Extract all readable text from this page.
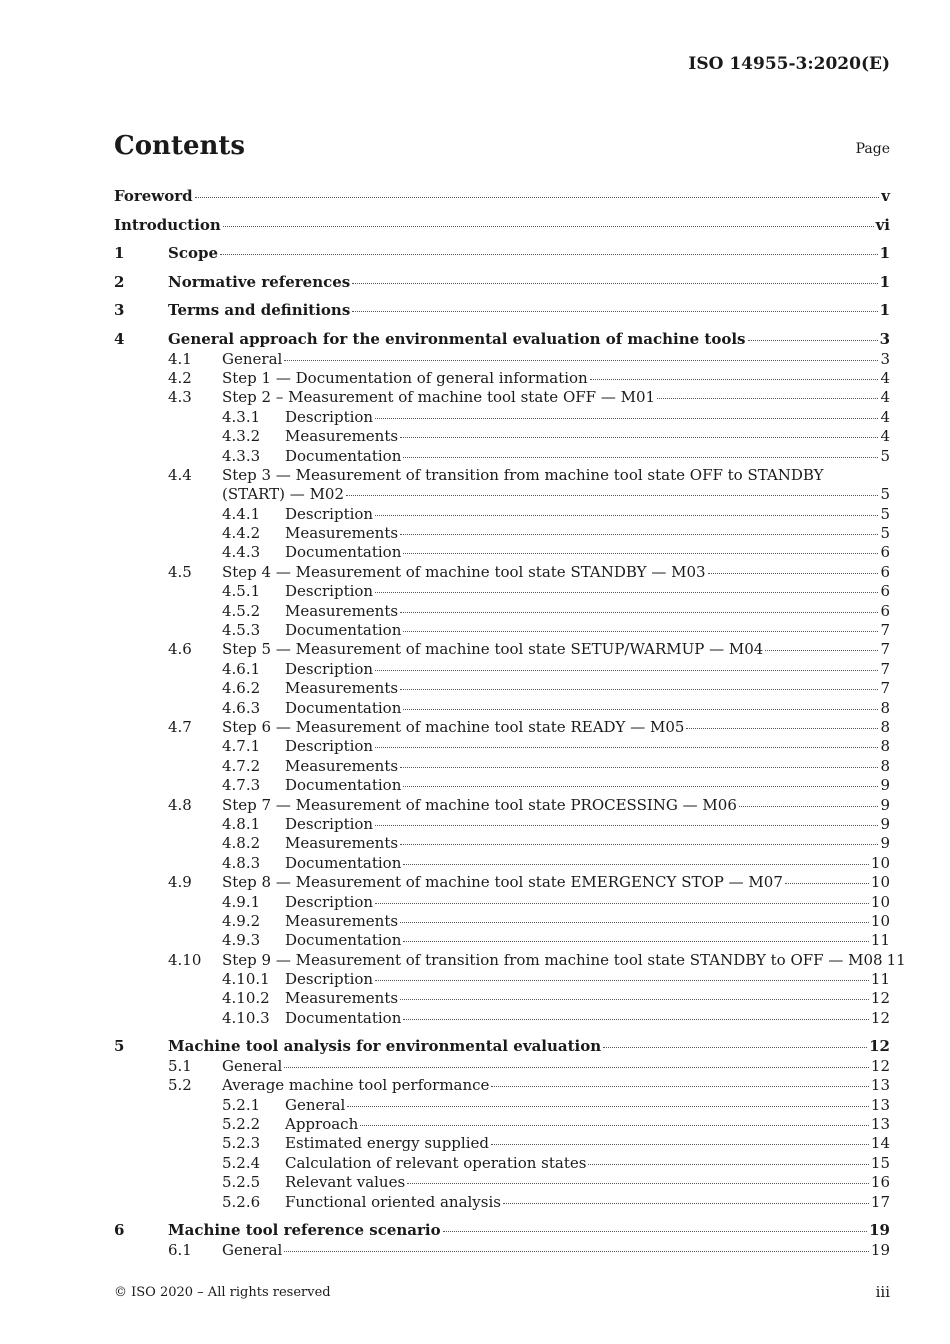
ISO 14955-3:2020(E)
Contents	Page
Foreword	v
Introduction	vi
1	Scope	1
2	Normative references	1
3	Terms and definitions	1
4	General approach for the environmental evaluation of machine tools	3
4.1 General	3
4.2 Step 1 — Documentation of general information	4
4.3 Step 2 – Measurement of machine tool state OFF — M01	4
4.3.1 Description	4
4.3.2 Measurements	4
4.3.3 Documentation	5
4.4 Step 3 — Measurement of transition from machine tool state OFF to STANDBY
(START) — M02	5
4.4.1 Description	5
4.4.2 Measurements	5
4.4.3 Documentation	6
4.5 Step 4 — Measurement of machine tool state STANDBY — M03	6
4.5.1 Description	6
4.5.2 Measurements	6
4.5.3 Documentation	7
4.6 Step 5 — Measurement of machine tool state SETUP/WARMUP — M04	7
4.6.1 Description	7
4.6.2 Measurements	7
4.6.3 Documentation	8
4.7 Step 6 — Measurement of machine tool state READY — M05	8
4.7.1 Description	8
4.7.2 Measurements	8
4.7.3 Documentation	9
4.8 Step 7 — Measurement of machine tool state PROCESSING — M06	9
4.8.1 Description	9
4.8.2 Measurements	9
4.8.3 Documentation	10
4.9 Step 8 — Measurement of machine tool state EMERGENCY STOP — M07	10
4.9.1 Description	10
4.9.2 Measurements	10
4.9.3 Documentation	11
4.10 Step 9 — Measurement of transition from machine tool state STANDBY to OFF — M08 11
4.10.1 Description	11
4.10.2 Measurements	12
4.10.3 Documentation	12
5	Machine tool analysis for environmental evaluation	12
5.1 General	12
5.2 Average machine tool performance	13
5.2.1 General	13
5.2.2 Approach	13
5.2.3 Estimated energy supplied	14
5.2.4 Calculation of relevant operation states	15
5.2.5 Relevant values	16
5.2.6 Functional oriented analysis	17
6	Machine tool reference scenario	19
6.1 General	19
© ISO 2020 – All rights reserved	iii
